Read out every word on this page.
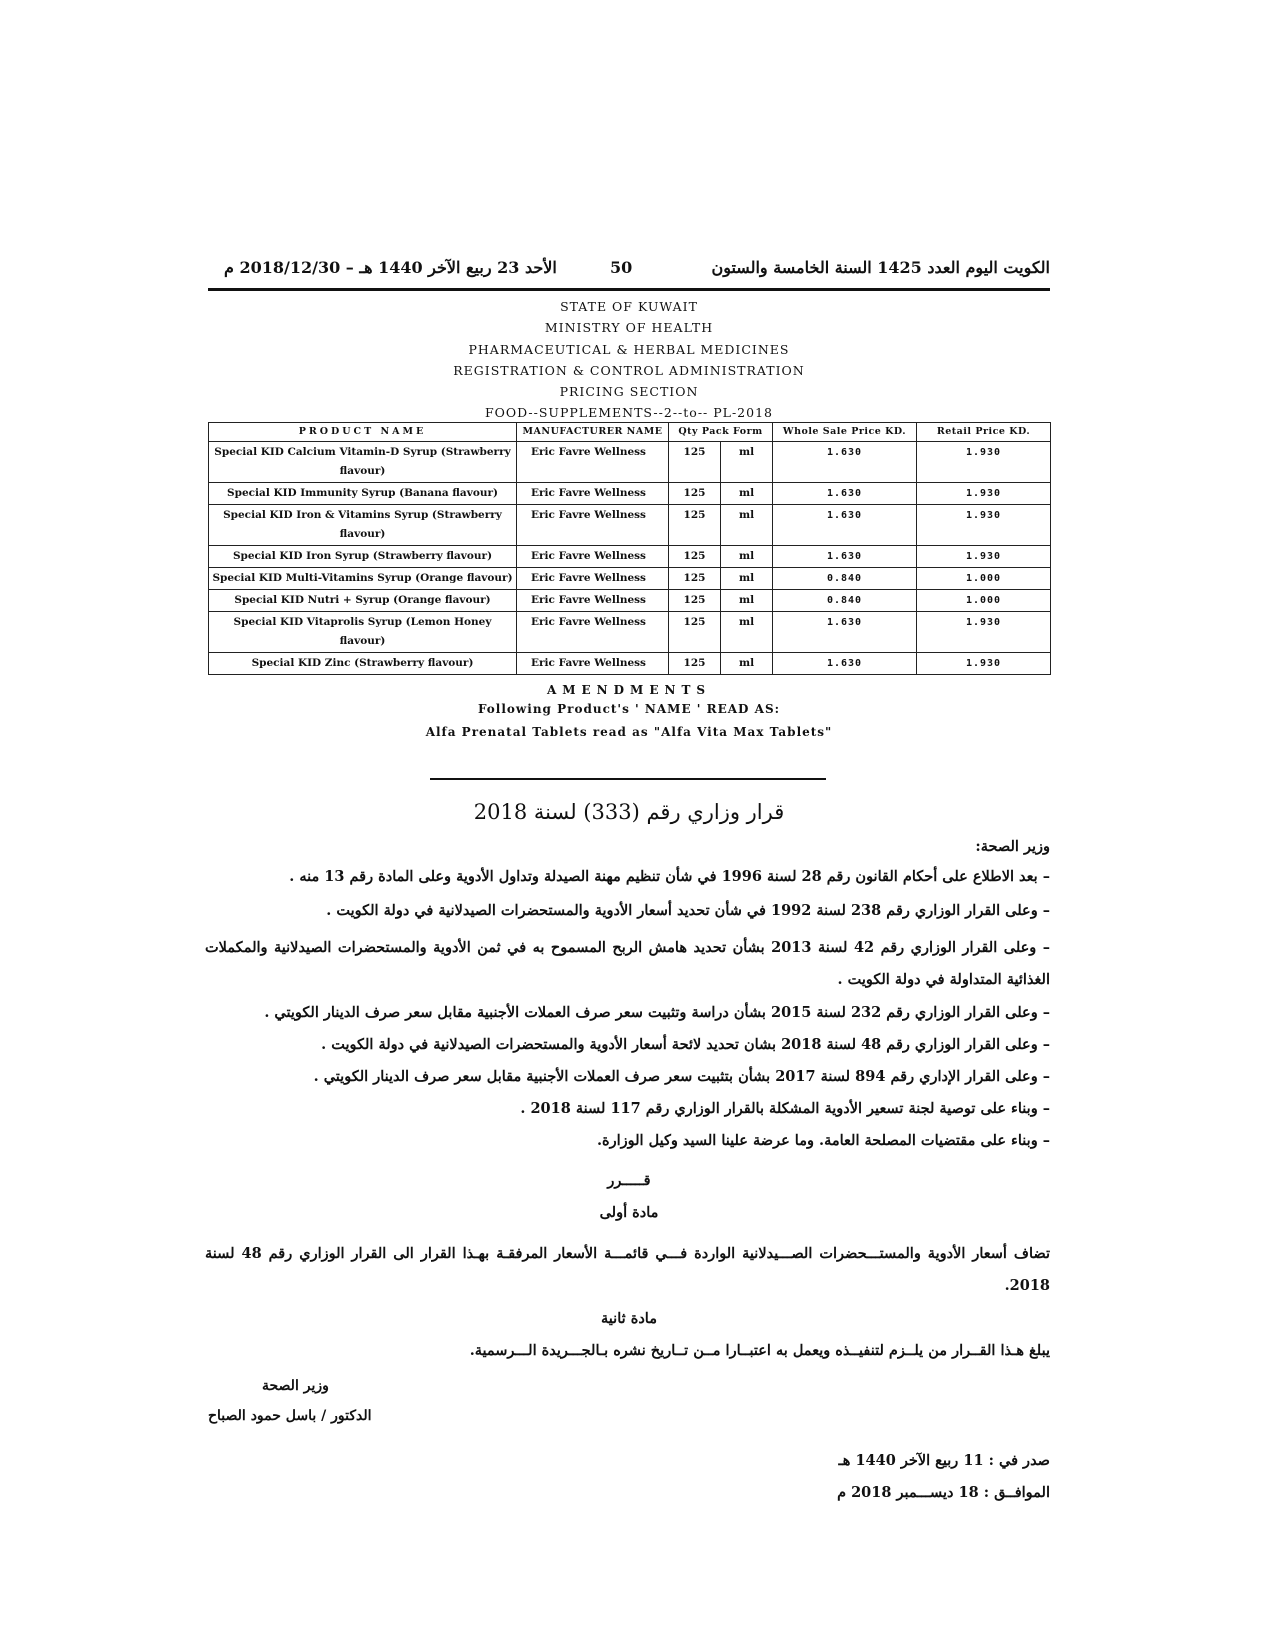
الكويت اليوم العدد 1425 السنة الخامسة والستون
50
الأحد 23 ربيع الآخر 1440 هـ – 2018/12/30 م
STATE OF KUWAIT
MINISTRY OF HEALTH
PHARMACEUTICAL & HERBAL MEDICINES
REGISTRATION & CONTROL ADMINISTRATION
PRICING SECTION
FOOD--SUPPLEMENTS--2--to-- PL-2018
PRODUCT NAME	MANUFACTURER NAME	Qty Pack Form		Whole Sale Price KD.	Retail Price KD.
Special KID Calcium Vitamin-D Syrup (Strawberry flavour)	Eric Favre Wellness	125	ml	1.630	1.930
Special KID Immunity Syrup (Banana flavour)	Eric Favre Wellness	125	ml	1.630	1.930
Special KID Iron & Vitamins Syrup (Strawberry flavour)	Eric Favre Wellness	125	ml	1.630	1.930
Special KID Iron Syrup (Strawberry flavour)	Eric Favre Wellness	125	ml	1.630	1.930
Special KID Multi-Vitamins Syrup (Orange flavour)	Eric Favre Wellness	125	ml	0.840	1.000
Special KID Nutri + Syrup (Orange flavour)	Eric Favre Wellness	125	ml	0.840	1.000
Special KID Vitaprolis Syrup (Lemon Honey flavour)	Eric Favre Wellness	125	ml	1.630	1.930
Special KID Zinc (Strawberry flavour)	Eric Favre Wellness	125	ml	1.630	1.930
AMENDMENTS
Following Product's ' NAME ' READ AS:
Alfa Prenatal Tablets read as "Alfa Vita Max Tablets"
قرار وزاري رقم (333) لسنة 2018
وزير الصحة:
– بعد الاطلاع على أحكام القانون رقم 28 لسنة 1996 في شأن تنظيم مهنة الصيدلة وتداول الأدوية وعلى المادة رقم 13 منه .
– وعلى القرار الوزاري رقم 238 لسنة 1992 في شأن تحديد أسعار الأدوية والمستحضرات الصيدلانية في دولة الكويت .
– وعلى القرار الوزاري رقم 42 لسنة 2013 بشأن تحديد هامش الربح المسموح به في ثمن الأدوية والمستحضرات الصيدلانية والمكملات الغذائية المتداولة في دولة الكويت .
– وعلى القرار الوزاري رقم 232 لسنة 2015 بشأن دراسة وتثبيت سعر صرف العملات الأجنبية مقابل سعر صرف الدينار الكويتي .
– وعلى القرار الوزاري رقم 48 لسنة 2018 بشان تحديد لائحة أسعار الأدوية والمستحضرات الصيدلانية في دولة الكويت .
– وعلى القرار الإداري رقم 894 لسنة 2017 بشأن بتثبيت سعر صرف العملات الأجنبية مقابل سعر صرف الدينار الكويتي .
– وبناء على توصية لجنة تسعير الأدوية المشكلة بالقرار الوزاري رقم 117 لسنة 2018 .
– وبناء على مقتضيات المصلحة العامة. وما عرضة علينا السيد وكيل الوزارة.
قـــــرر
مادة أولى
تضاف أسعار الأدوية والمستـــحضرات الصـــيدلانية الواردة فـــي قائمـــة الأسعار المرفقـة بهـذا القرار الى القرار الوزاري رقم 48 لسنة 2018.
مادة ثانية
يبلغ هـذا القــرار من يلــزم لتنفيــذه ويعمل به اعتبــارا مــن تــاريخ نشره بـالجـــريدة الـــرسمية.
وزير الصحة
الدكتور / باسل حمود الصباح
صدر في : 11 ربيع الآخر 1440 هـ
الموافــق : 18 ديســـمبر 2018 م
